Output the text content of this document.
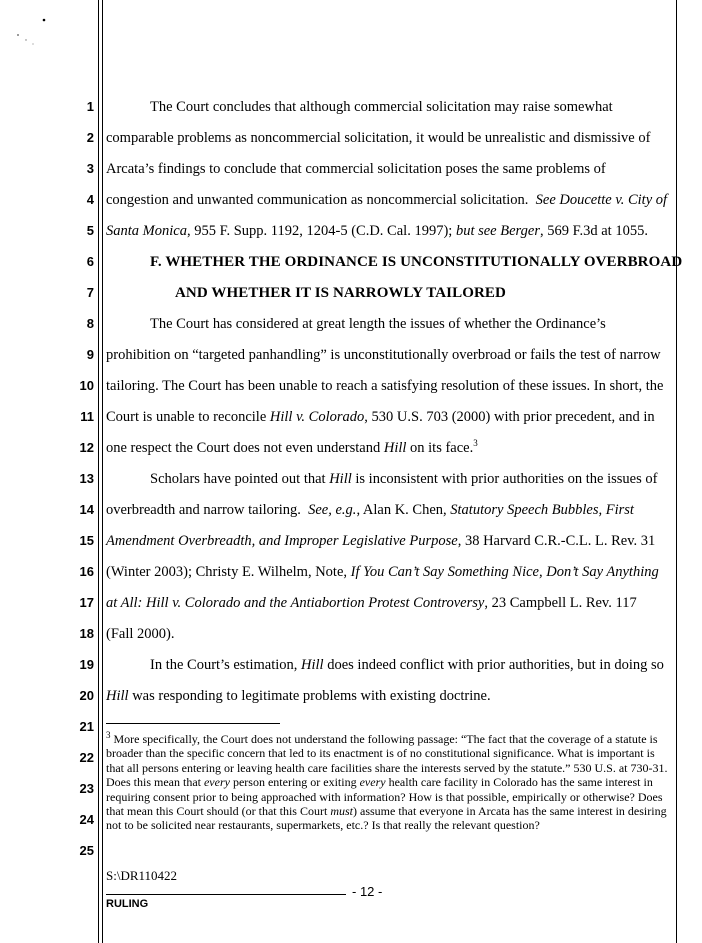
1
2
3
4
5
6
7
8
9
10
11
12
13
14
15
16
17
18
19
20
21
22
23
24
25
The Court concludes that although commercial solicitation may raise somewhat
comparable problems as noncommercial solicitation, it would be unrealistic and dismissive of
Arcata’s findings to conclude that commercial solicitation poses the same problems of
congestion and unwanted communication as noncommercial solicitation. See Doucette v. City of
Santa Monica, 955 F. Supp. 1192, 1204-5 (C.D. Cal. 1997); but see Berger, 569 F.3d at 1055.
F. WHETHER THE ORDINANCE IS UNCONSTITUTIONALLY OVERBROAD
AND WHETHER IT IS NARROWLY TAILORED
The Court has considered at great length the issues of whether the Ordinance’s
prohibition on “targeted panhandling” is unconstitutionally overbroad or fails the test of narrow
tailoring. The Court has been unable to reach a satisfying resolution of these issues. In short, the
Court is unable to reconcile Hill v. Colorado, 530 U.S. 703 (2000) with prior precedent, and in
one respect the Court does not even understand Hill on its face.$^3$
Scholars have pointed out that Hill is inconsistent with prior authorities on the issues of
overbreadth and narrow tailoring. See, e.g., Alan K. Chen, Statutory Speech Bubbles, First
Amendment Overbreadth, and Improper Legislative Purpose, 38 Harvard C.R.-C.L. L. Rev. 31
(Winter 2003); Christy E. Wilhelm, Note, If You Can’t Say Something Nice, Don’t Say Anything
at All: Hill v. Colorado and the Antiabortion Protest Controversy, 23 Campbell L. Rev. 117
(Fall 2000).
In the Court’s estimation, Hill does indeed conflict with prior authorities, but in doing so
Hill was responding to legitimate problems with existing doctrine.

$^3$ More specifically, the Court does not understand the following passage: “The fact that the coverage of a statute is broader than the specific concern that led to its enactment is of no constitutional significance. What is important is that all persons entering or leaving health care facilities share the interests served by the statute.” 530 U.S. at 730-31. Does this mean that every person entering or exiting every health care facility in Colorado has the same interest in requiring consent prior to being approached with information? How is that possible, empirically or otherwise? Does that mean this Court should (or that this Court must) assume that everyone in Arcata has the same interest in desiring not to be solicited near restaurants, supermarkets, etc.? Is that really the relevant question?

S:\DR110422
- 12 -
RULING
